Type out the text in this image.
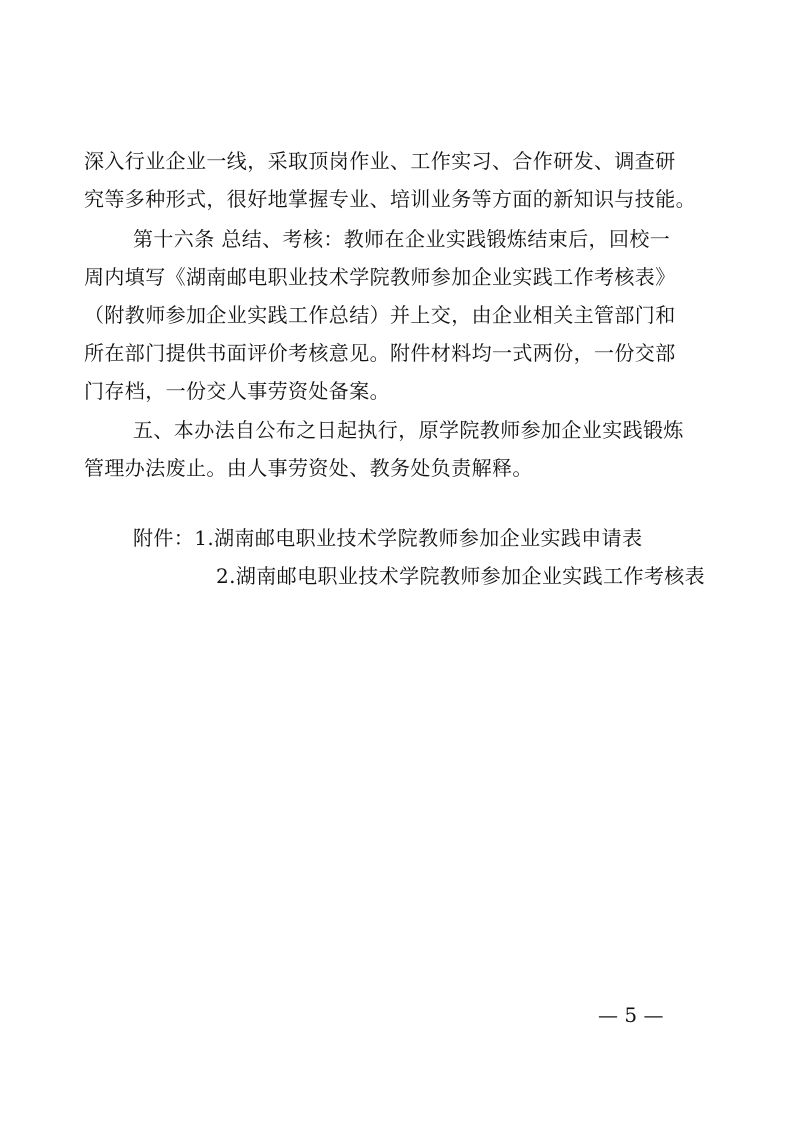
深入行业企业一线，采取顶岗作业、工作实习、合作研发、调查研
究等多种形式，很好地掌握专业、培训业务等方面的新知识与技能。
第十六条 总结、考核：教师在企业实践锻炼结束后，回校一
周内填写《湖南邮电职业技术学院教师参加企业实践工作考核表》
（附教师参加企业实践工作总结）并上交，由企业相关主管部门和
所在部门提供书面评价考核意见。附件材料均一式两份，一份交部
门存档，一份交人事劳资处备案。
五、本办法自公布之日起执行，原学院教师参加企业实践锻炼
管理办法废止。由人事劳资处、教务处负责解释。
附件：1.湖南邮电职业技术学院教师参加企业实践申请表
2.湖南邮电职业技术学院教师参加企业实践工作考核表
— 5 —
